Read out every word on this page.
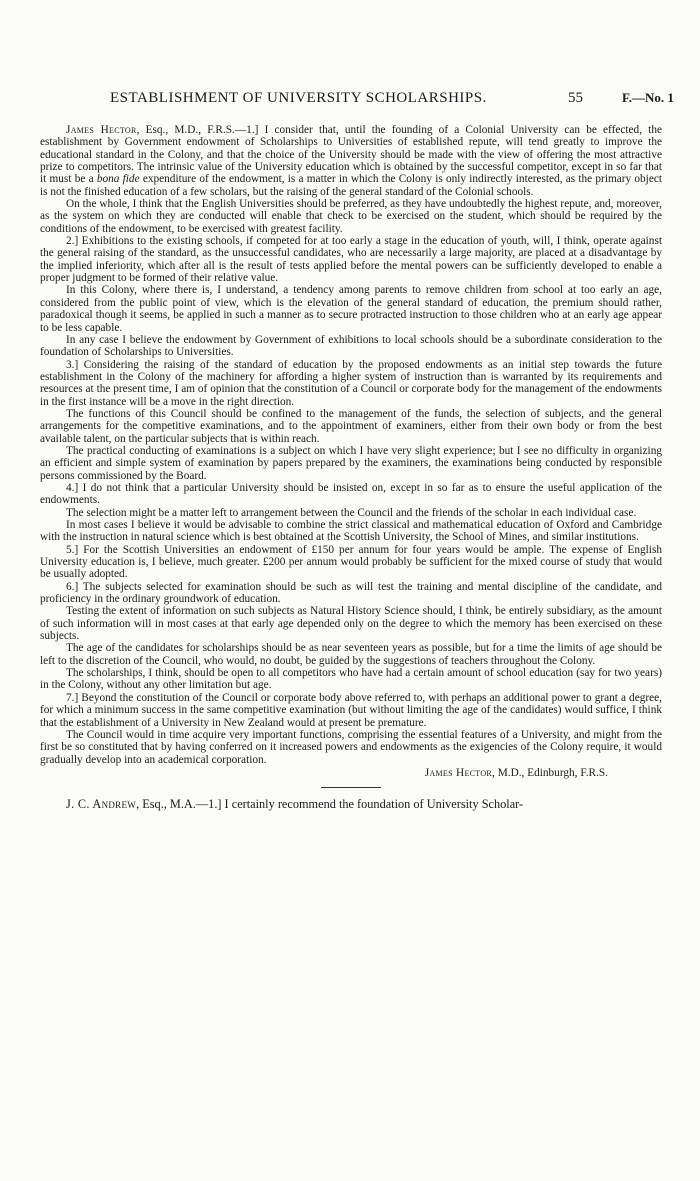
ESTABLISHMENT OF UNIVERSITY SCHOLARSHIPS.	55	F.—No. 1

James Hector, Esq., M.D., F.R.S.—1.] I consider that, until the founding of a Colonial University can be effected, the establishment by Government endowment of Scholarships to Universities of established repute, will tend greatly to improve the educational standard in the Colony, and that the choice of the University should be made with the view of offering the most attractive prize to competitors. The intrinsic value of the University education which is obtained by the successful competitor, except in so far that it must be a bona fide expenditure of the endowment, is a matter in which the Colony is only indirectly interested, as the primary object is not the finished education of a few scholars, but the raising of the general standard of the Colonial schools.

On the whole, I think that the English Universities should be preferred, as they have undoubtedly the highest repute, and, moreover, as the system on which they are conducted will enable that check to be exercised on the student, which should be required by the conditions of the endowment, to be exercised with greatest facility.

2.] Exhibitions to the existing schools, if competed for at too early a stage in the education of youth, will, I think, operate against the general raising of the standard, as the unsuccessful candidates, who are necessarily a large majority, are placed at a disadvantage by the implied inferiority, which after all is the result of tests applied before the mental powers can be sufficiently developed to enable a proper judgment to be formed of their relative value.

In this Colony, where there is, I understand, a tendency among parents to remove children from school at too early an age, considered from the public point of view, which is the elevation of the general standard of education, the premium should rather, paradoxical though it seems, be applied in such a manner as to secure protracted instruction to those children who at an early age appear to be less capable.

In any case I believe the endowment by Government of exhibitions to local schools should be a subordinate consideration to the foundation of Scholarships to Universities.

3.] Considering the raising of the standard of education by the proposed endowments as an initial step towards the future establishment in the Colony of the machinery for affording a higher system of instruction than is warranted by its requirements and resources at the present time, I am of opinion that the constitution of a Council or corporate body for the management of the endowments in the first instance will be a move in the right direction.

The functions of this Council should be confined to the management of the funds, the selection of subjects, and the general arrangements for the competitive examinations, and to the appointment of examiners, either from their own body or from the best available talent, on the particular subjects that is within reach.

The practical conducting of examinations is a subject on which I have very slight experience; but I see no difficulty in organizing an efficient and simple system of examination by papers prepared by the examiners, the examinations being conducted by responsible persons commissioned by the Board.

4.] I do not think that a particular University should be insisted on, except in so far as to ensure the useful application of the endowments.

The selection might be a matter left to arrangement between the Council and the friends of the scholar in each individual case.

In most cases I believe it would be advisable to combine the strict classical and mathematical education of Oxford and Cambridge with the instruction in natural science which is best obtained at the Scottish University, the School of Mines, and similar institutions.

5.] For the Scottish Universities an endowment of £150 per annum for four years would be ample. The expense of English University education is, I believe, much greater. £200 per annum would probably be sufficient for the mixed course of study that would be usually adopted.

6.] The subjects selected for examination should be such as will test the training and mental discipline of the candidate, and proficiency in the ordinary groundwork of education.

Testing the extent of information on such subjects as Natural History Science should, I think, be entirely subsidiary, as the amount of such information will in most cases at that early age depended only on the degree to which the memory has been exercised on these subjects.

The age of the candidates for scholarships should be as near seventeen years as possible, but for a time the limits of age should be left to the discretion of the Council, who would, no doubt, be guided by the suggestions of teachers throughout the Colony.

The scholarships, I think, should be open to all competitors who have had a certain amount of school education (say for two years) in the Colony, without any other limitation but age.

7.] Beyond the constitution of the Council or corporate body above referred to, with perhaps an additional power to grant a degree, for which a minimum success in the same competitive examination (but without limiting the age of the candidates) would suffice, I think that the establishment of a University in New Zealand would at present be premature.

The Council would in time acquire very important functions, comprising the essential features of a University, and might from the first be so constituted that by having conferred on it increased powers and endowments as the exigencies of the Colony require, it would gradually develop into an academical corporation.

James Hector, M.D., Edinburgh, F.R.S.

J. C. Andrew, Esq., M.A.—1.] I certainly recommend the foundation of University Scholar-
